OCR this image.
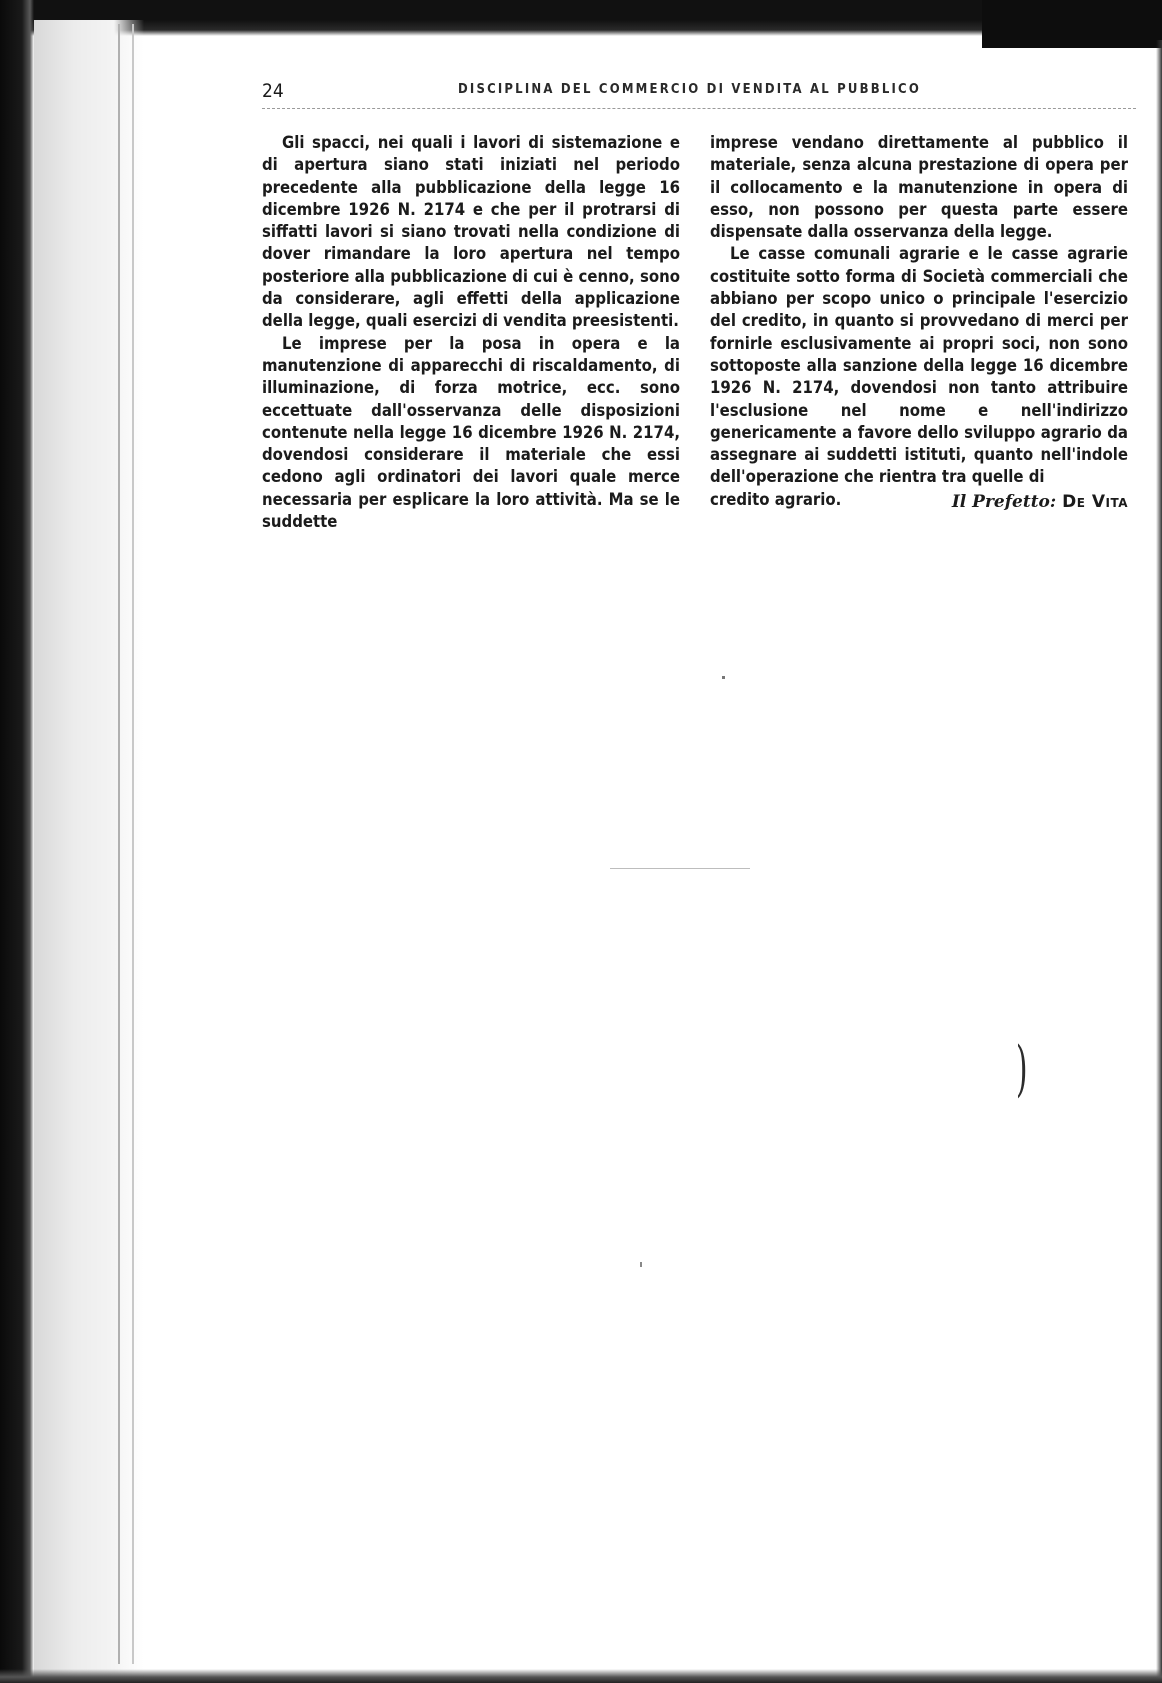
24	DISCIPLINA DEL COMMERCIO DI VENDITA AL PUBBLICO

Gli spacci, nei quali i lavori di sistemazione e di apertura siano stati iniziati nel periodo precedente alla pubblicazione della legge 16 dicembre 1926 N. 2174 e che per il protrarsi di siffatti lavori si siano trovati nella condizione di dover rimandare la loro apertura nel tempo posteriore alla pubblicazione di cui è cenno, sono da considerare, agli effetti della applicazione della legge, quali esercizi di vendita preesistenti.

Le imprese per la posa in opera e la manutenzione di apparecchi di riscaldamento, di illuminazione, di forza motrice, ecc. sono eccettuate dall'osservanza delle disposizioni contenute nella legge 16 dicembre 1926 N. 2174, dovendosi considerare il materiale che essi cedono agli ordinatori dei lavori quale merce necessaria per esplicare la loro attività. Ma se le suddette

imprese vendano direttamente al pubblico il materiale, senza alcuna prestazione di opera per il collocamento e la manutenzione in opera di esso, non possono per questa parte essere dispensate dalla osservanza della legge.

Le casse comunali agrarie e le casse agrarie costituite sotto forma di Società commerciali che abbiano per scopo unico o principale l'esercizio del credito, in quanto si provvedano di merci per fornirle esclusivamente ai propri soci, non sono sottoposte alla sanzione della legge 16 dicembre 1926 N. 2174, dovendosi non tanto attribuire l'esclusione nel nome e nell'indirizzo genericamente a favore dello sviluppo agrario da assegnare ai suddetti istituti, quanto nell'indole dell'operazione che rientra tra quelle di

credito agrario.	Il Prefetto: De Vita

)
